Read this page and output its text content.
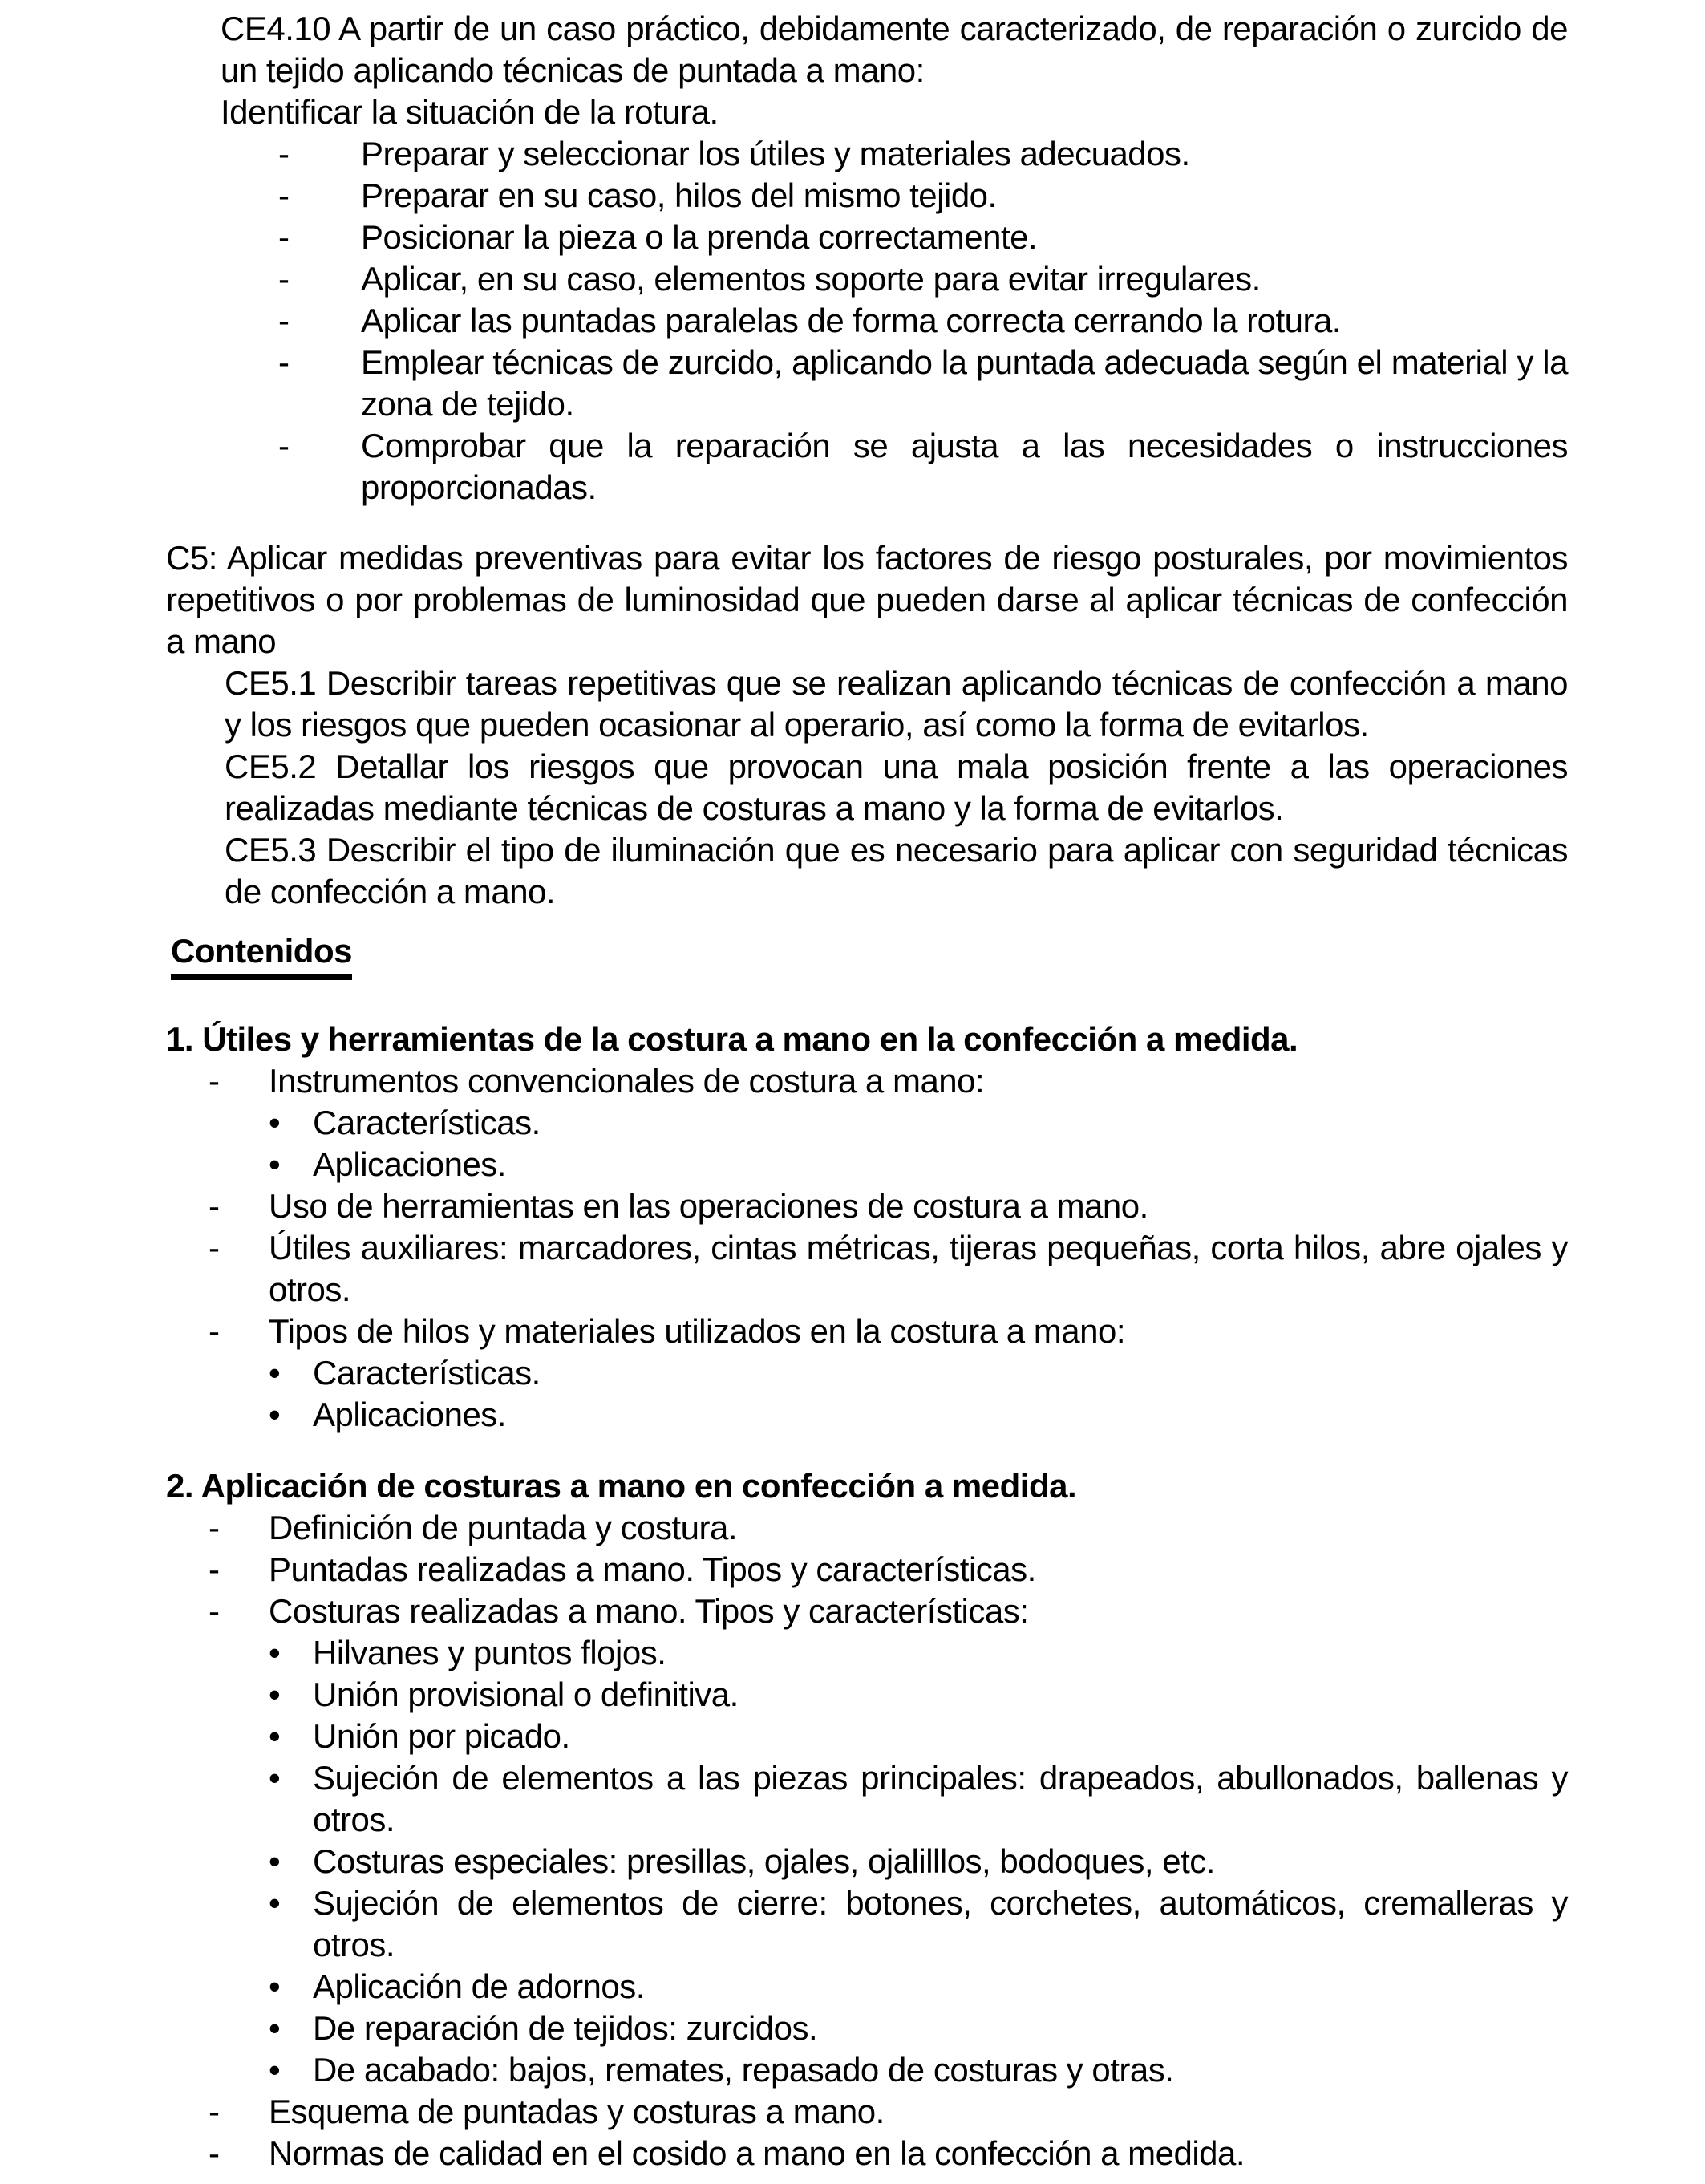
CE4.10 A partir de un caso práctico, debidamente caracterizado, de reparación o zurcido de un tejido aplicando técnicas de puntada a mano:

Identificar la situación de la rotura.

- Preparar y seleccionar los útiles y materiales adecuados.
- Preparar en su caso, hilos del mismo tejido.
- Posicionar la pieza o la prenda correctamente.
- Aplicar, en su caso, elementos soporte para evitar irregulares.
- Aplicar las puntadas paralelas de forma correcta cerrando la rotura.
- Emplear técnicas de zurcido, aplicando la puntada adecuada según el material y la zona de tejido.
- Comprobar que la reparación se ajusta a las necesidades o instrucciones proporcionadas.

C5: Aplicar medidas preventivas para evitar los factores de riesgo posturales, por movimientos repetitivos o por problemas de luminosidad que pueden darse al aplicar técnicas de confección a mano

CE5.1 Describir tareas repetitivas que se realizan aplicando técnicas de confección a mano y los riesgos que pueden ocasionar al operario, así como la forma de evitarlos.

CE5.2 Detallar los riesgos que provocan una mala posición frente a las operaciones realizadas mediante técnicas de costuras a mano y la forma de evitarlos.

CE5.3 Describir el tipo de iluminación que es necesario para aplicar con seguridad técnicas de confección a mano.

Contenidos

1. Útiles y herramientas de la costura a mano en la confección a medida.

- Instrumentos convencionales de costura a mano:
• Características.
• Aplicaciones.
- Uso de herramientas en las operaciones de costura a mano.
- Útiles auxiliares: marcadores, cintas métricas, tijeras pequeñas, corta hilos, abre ojales y otros.
- Tipos de hilos y materiales utilizados en la costura a mano:
• Características.
• Aplicaciones.

2. Aplicación de costuras a mano en confección a medida.

- Definición de puntada y costura.
- Puntadas realizadas a mano. Tipos y características.
- Costuras realizadas a mano. Tipos y características:
• Hilvanes y puntos flojos.
• Unión provisional o definitiva.
• Unión por picado.
• Sujeción de elementos a las piezas principales: drapeados, abullonados, ballenas y otros.
• Costuras especiales: presillas, ojales, ojalilllos, bodoques, etc.
• Sujeción de elementos de cierre: botones, corchetes, automáticos, cremalleras y otros.
• Aplicación de adornos.
• De reparación de tejidos: zurcidos.
• De acabado: bajos, remates, repasado de costuras y otras.
- Esquema de puntadas y costuras a mano.
- Normas de calidad en el cosido a mano en la confección a medida.
